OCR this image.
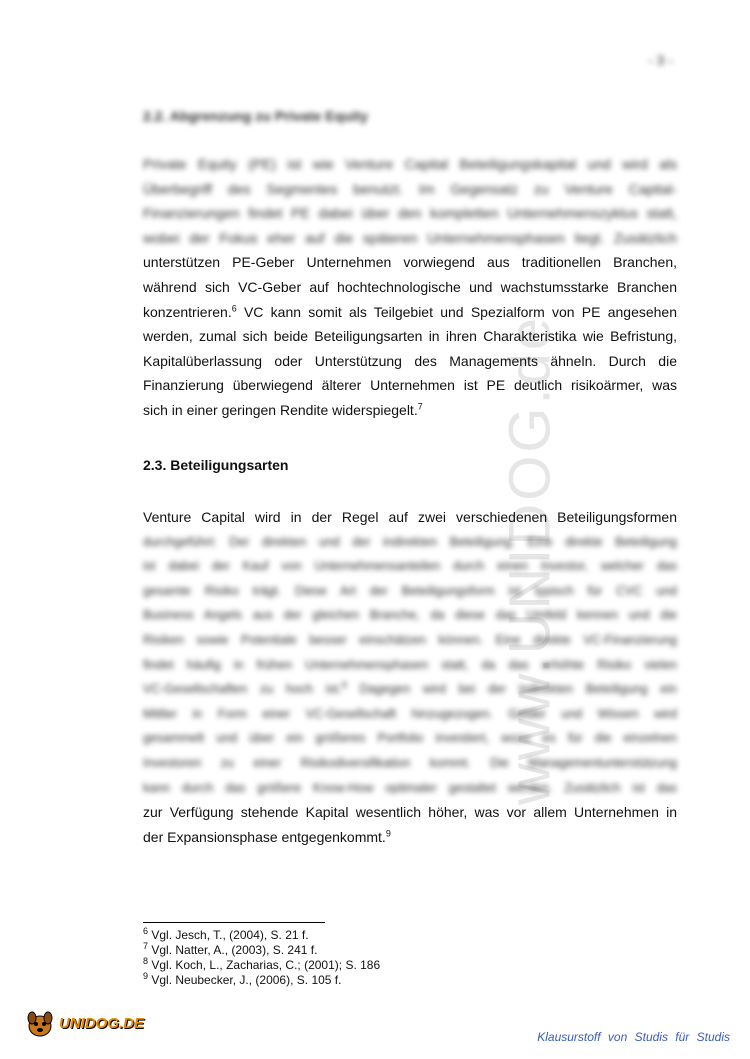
- 3 -
www.UNIDOG.de
2.2. Abgrenzung zu Private Equity
Private Equity (PE) ist wie Venture Capital Beteiligungskapital und wird als
Überbegriff des Segmentes benutzt. Im Gegensatz zu Venture Capital-
Finanzierungen findet PE dabei über den kompletten Unternehmenszyklus statt,
wobei der Fokus eher auf die späteren Unternehmensphasen liegt. Zusätzlich
unterstützen PE-Geber Unternehmen vorwiegend aus traditionellen Branchen,
während sich VC-Geber auf hochtechnologische und wachstumsstarke Branchen
konzentrieren.$^6$ VC kann somit als Teilgebiet und Spezialform von PE angesehen
werden, zumal sich beide Beteiligungsarten in ihren Charakteristika wie Befristung,
Kapitalüberlassung oder Unterstützung des Managements ähneln. Durch die
Finanzierung überwiegend älterer Unternehmen ist PE deutlich risikoärmer, was
sich in einer geringen Rendite widerspiegelt.$^7$
2.3. Beteiligungsarten
Venture Capital wird in der Regel auf zwei verschiedenen Beteiligungsformen
durchgeführt: Der direkten und der indirekten Beteiligung. Eine direkte Beteiligung
ist dabei der Kauf von Unternehmensanteilen durch einen Investor, welcher das
gesamte Risiko trägt. Diese Art der Beteiligungsform ist typisch für CVC und
Business Angels aus der gleichen Branche, da diese das Umfeld kennen und die
Risiken sowie Potentiale besser einschätzen können. Eine direkte VC-Finanzierung
findet häufig in frühen Unternehmensphasen statt, da das erhöhte Risiko vielen
VC-Gesellschaften zu hoch ist.$^8$ Dagegen wird bei der indirekten Beteiligung ein
Mittler in Form einer VC-Gesellschaft hinzugezogen. Gelder und Wissen wird
gesammelt und über ein größeres Portfolio investiert, wozu es für die einzelnen
Investoren zu einer Risikodiversifikation kommt. Die Managementunterstützung
kann durch das größere Know-How optimaler gestaltet werden. Zusätzlich ist das
zur Verfügung stehende Kapital wesentlich höher, was vor allem Unternehmen in
der Expansionsphase entgegenkommt.$^9$
$^6$ Vgl. Jesch, T., (2004), S. 21 f.
$^7$ Vgl. Natter, A., (2003), S. 241 f.
$^8$ Vgl. Koch, L., Zacharias, C.; (2001); S. 186
$^9$ Vgl. Neubecker, J., (2006), S. 105 f.
UNIDOG.DE
Klausurstoff von Studis für Studis
